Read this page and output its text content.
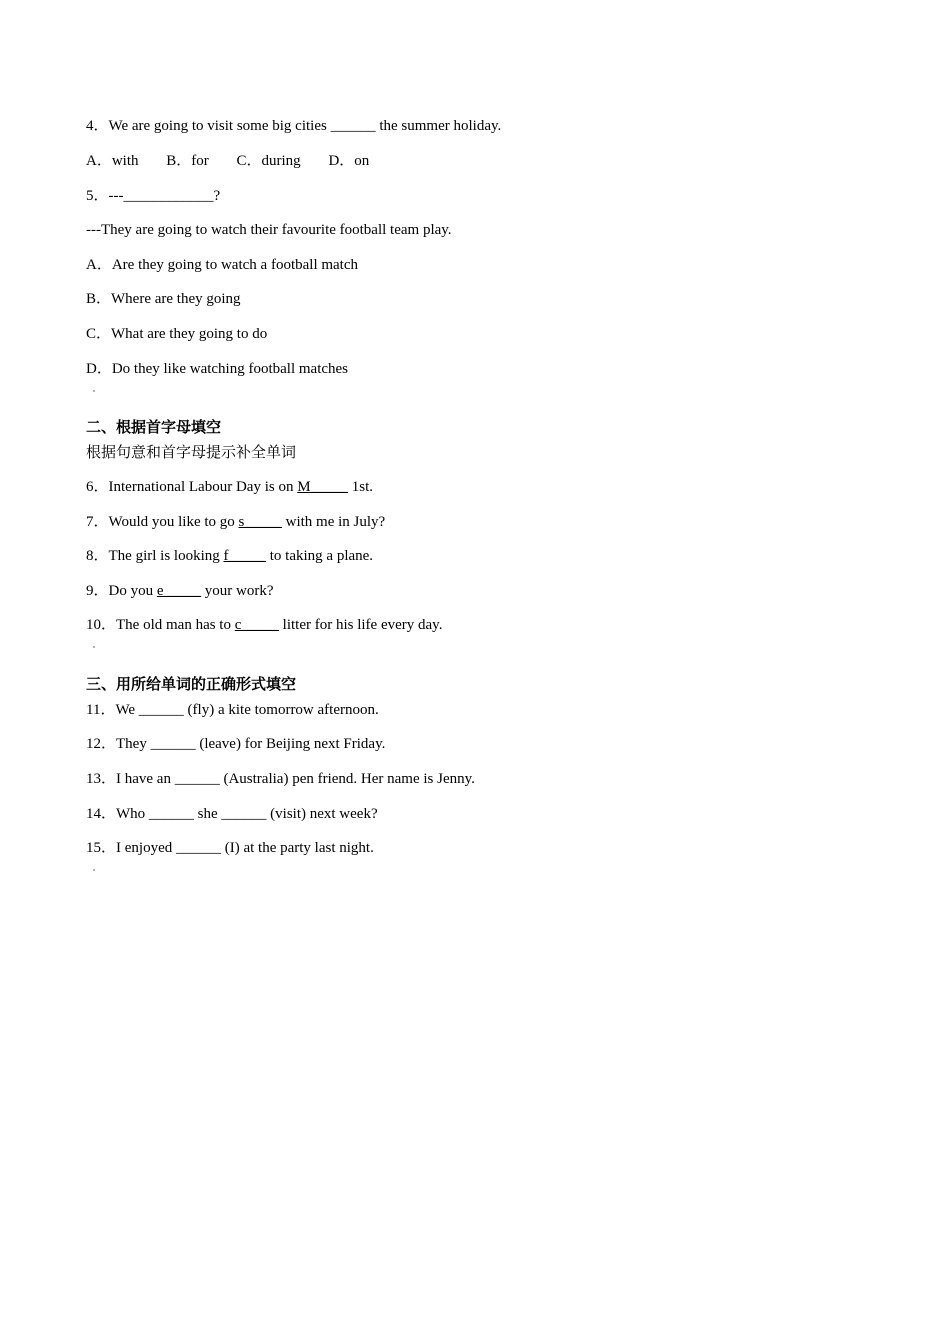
4．We are going to visit some big cities ______ the summer holiday.
A．with B．for C．during D．on
5．---____________?
---They are going to watch their favourite football team play.
A．Are they going to watch a football match
B．Where are they going
C．What are they going to do
D．Do they like watching football matches
二、根据首字母填空
根据句意和首字母提示补全单词
6．International Labour Day is on M_____ 1st.
7．Would you like to go s_____ with me in July?
8．The girl is looking f_____ to taking a plane.
9．Do you e_____ your work?
10．The old man has to c_____ litter for his life every day.
三、用所给单词的正确形式填空
11．We ______ (fly) a kite tomorrow afternoon.
12．They ______ (leave) for Beijing next Friday.
13．I have an ______ (Australia) pen friend. Her name is Jenny.
14．Who ______ she ______ (visit) next week?
15．I enjoyed ______ (I) at the party last night.
